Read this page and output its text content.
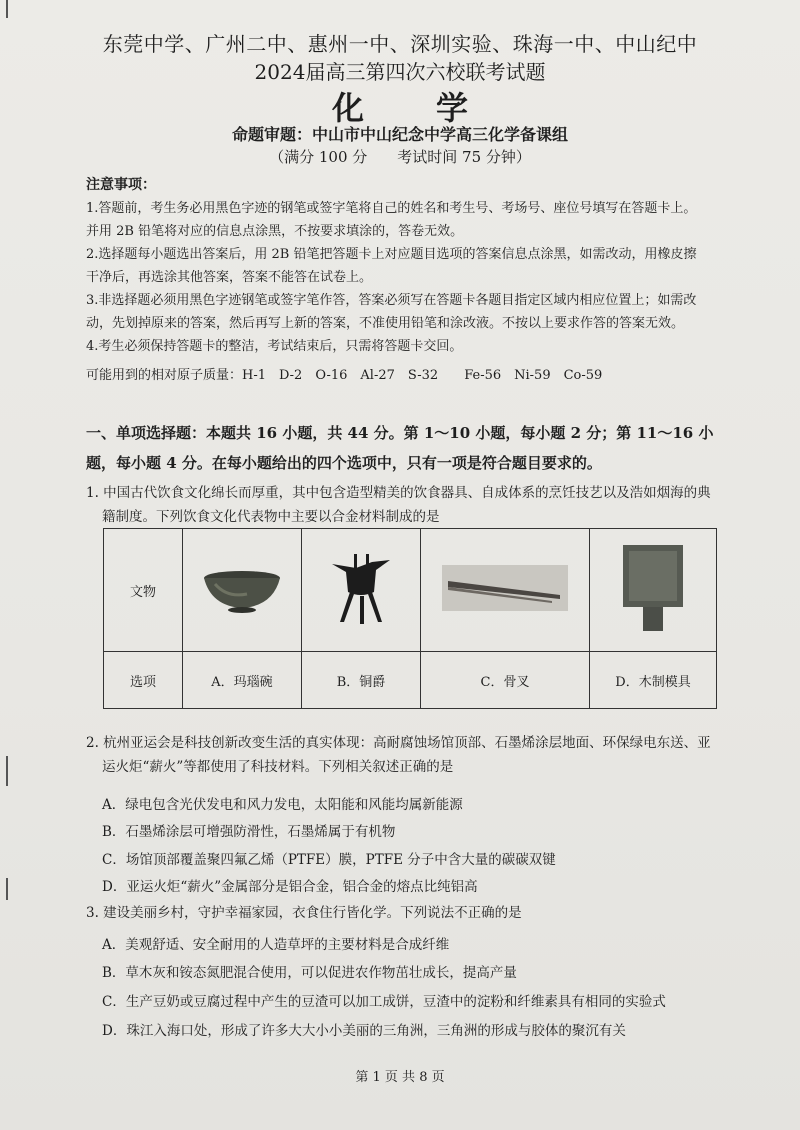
东莞中学、广州二中、惠州一中、深圳实验、珠海一中、中山纪中
2024届高三第四次六校联考试题
化　学
命题审题：中山市中山纪念中学高三化学备课组
（满分 100 分　　考试时间 75 分钟）
注意事项：
1.答题前，考生务必用黑色字迹的钢笔或签字笔将自己的姓名和考生号、考场号、座位号填写在答题卡上。
并用 2B 铅笔将对应的信息点涂黑，不按要求填涂的，答卷无效。
2.选择题每小题选出答案后，用 2B 铅笔把答题卡上对应题目选项的答案信息点涂黑，如需改动，用橡皮擦
干净后，再选涂其他答案，答案不能答在试卷上。
3.非选择题必须用黑色字迹钢笔或签字笔作答，答案必须写在答题卡各题目指定区域内相应位置上；如需改
动，先划掉原来的答案，然后再写上新的答案，不准使用铅笔和涂改液。不按以上要求作答的答案无效。
4.考生必须保持答题卡的整洁，考试结束后，只需将答题卡交回。
可能用到的相对原子质量：H-1　D-2　O-16　Al-27　S-32　　Fe-56　Ni-59　Co-59
一、单项选择题：本题共 16 小题，共 44 分。第 1～10 小题，每小题 2 分；第 11～16 小
题，每小题 4 分。在每小题给出的四个选项中，只有一项是符合题目要求的。
1. 中国古代饮食文化绵长而厚重，其中包含造型精美的饮食器具、自成体系的烹饪技艺以及浩如烟海的典
籍制度。下列饮食文化代表物中主要以合金材料制成的是
文物				
选项	A．玛瑙碗	B．铜爵	C．骨叉	D．木制模具
2. 杭州亚运会是科技创新改变生活的真实体现：高耐腐蚀场馆顶部、石墨烯涂层地面、环保绿电东送、亚
运火炬“薪火”等都使用了科技材料。下列相关叙述正确的是
A．绿电包含光伏发电和风力发电，太阳能和风能均属新能源
B．石墨烯涂层可增强防滑性，石墨烯属于有机物
C．场馆顶部覆盖聚四氟乙烯（PTFE）膜，PTFE 分子中含大量的碳碳双键
D．亚运火炬“薪火”金属部分是铝合金，铝合金的熔点比纯铝高
3. 建设美丽乡村，守护幸福家园，衣食住行皆化学。下列说法不正确的是
A．美观舒适、安全耐用的人造草坪的主要材料是合成纤维
B．草木灰和铵态氮肥混合使用，可以促进农作物茁壮成长，提高产量
C．生产豆奶或豆腐过程中产生的豆渣可以加工成饼，豆渣中的淀粉和纤维素具有相同的实验式
D．珠江入海口处，形成了许多大大小小美丽的三角洲，三角洲的形成与胶体的聚沉有关
第 1 页 共 8 页
